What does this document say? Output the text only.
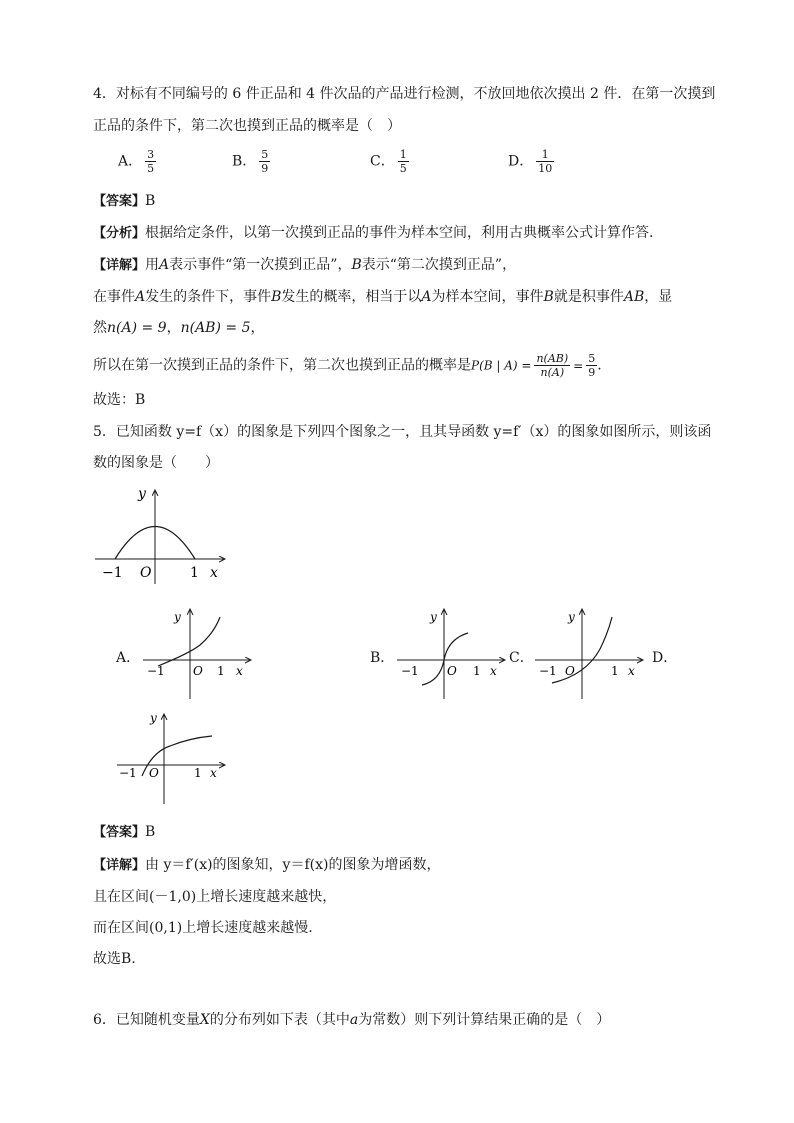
4．对标有不同编号的 6 件正品和 4 件次品的产品进行检测，不放回地依次摸出 2 件．在第一次摸到
正品的条件下，第二次也摸到正品的概率是（　）
A． $\frac{3}{5}$	B． $\frac{5}{9}$	C． $\frac{1}{5}$	D． $\frac{1}{10}$
【答案】B
【分析】根据给定条件，以第一次摸到正品的事件为样本空间，利用古典概率公式计算作答.
【详解】用A表示事件“第一次摸到正品”，B表示“第二次摸到正品”，
在事件A发生的条件下，事件B发生的概率，相当于以A为样本空间，事件B就是积事件AB，显
然n(A) = 9，n(AB) = 5，
所以在第一次摸到正品的条件下，第二次也摸到正品的概率是P(B | $A) = \frac{n(AB)}{n(A)} = \frac{5}{9}$ .
故选：B
5．已知函数 y=f（x）的图象是下列四个图象之一，且其导函数 y=f′（x）的图象如图所示，则该函
数的图象是（　　）
y
x
O
−1	1
A．
y
x
O
−1	1
B．
y
x
O
−1	1
C．
y
x
O
−1	1
D．
y
x
O
−1	1
【答案】B
【详解】由 y＝f′(x)的图象知，y＝f(x)的图象为增函数，
且在区间(－1,0)上增长速度越来越快，
而在区间(0,1)上增长速度越来越慢.
故选B.
6．已知随机变量X的分布列如下表（其中a为常数）则下列计算结果正确的是（　）
